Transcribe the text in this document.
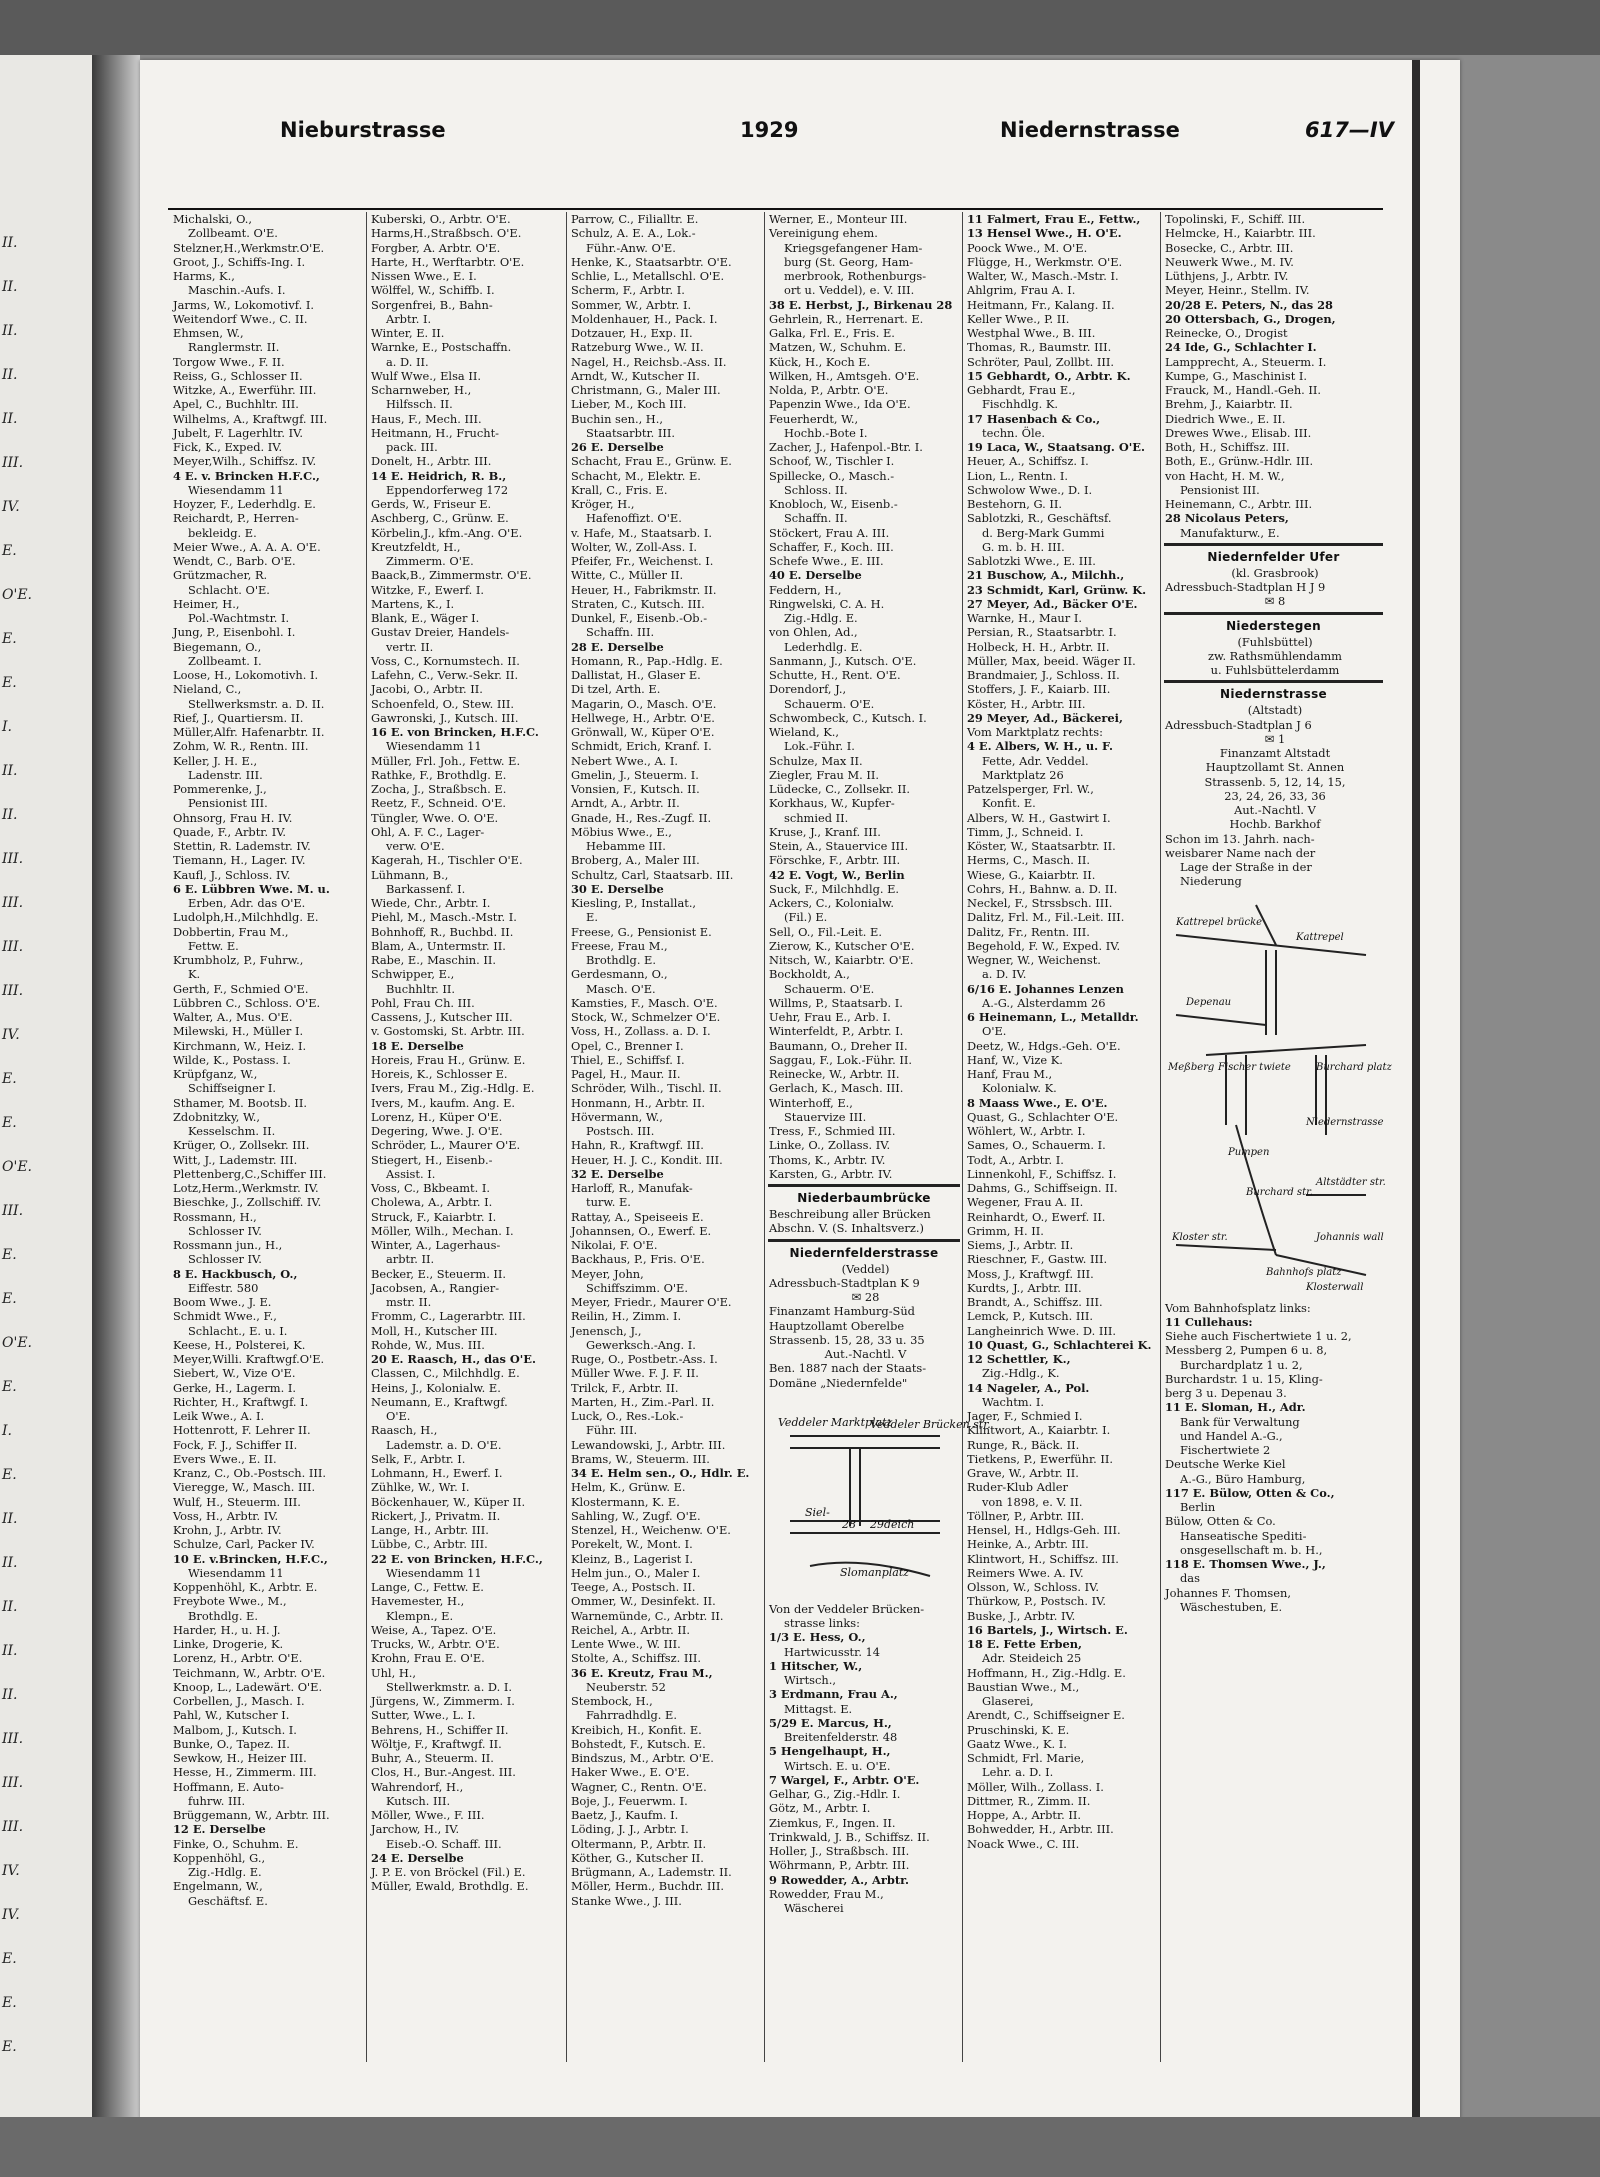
II.
II.
II.
II.
II.
III.
IV.
E.
O'E.
E.
E.
I.
II.
II.
III.
III.
III.
III.
IV.
E.
E.
O'E.
III.
E.
E.
O'E.
E.
I.
E.
II.
II.
II.
II.
II.
III.
III.
III.
IV.
IV.
E.
E.
E.
Nieburstrasse	1929	Niedernstrasse	617—IV
Michalski, O.,
Zollbeamt. O'E.
Stelzner,H.,Werkmstr.O'E.
Groot, J., Schiffs-Ing. I.
Harms, K.,
Maschin.-Aufs. I.
Jarms, W., Lokomotivf. I.
Weitendorf Wwe., C. II.
Ehmsen, W.,
Ranglermstr. II.
Torgow Wwe., F. II.
Reiss, G., Schlosser II.
Witzke, A., Ewerführ. III.
Apel, C., Buchhltr. III.
Wilhelms, A., Kraftwgf. III.
Jubelt, F. Lagerhltr. IV.
Fick, K., Exped. IV.
Meyer,Wilh., Schiffsz. IV.
4 E. v. Brincken H.F.C.,
Wiesendamm 11
Hoyzer, F., Lederhdlg. E.
Reichardt, P., Herren-
bekleidg. E.
Meier Wwe., A. A. A. O'E.
Wendt, C., Barb. O'E.
Grützmacher, R.
Schlacht. O'E.
Heimer, H.,
Pol.-Wachtmstr. I.
Jung, P., Eisenbohl. I.
Biegemann, O.,
Zollbeamt. I.
Loose, H., Lokomotivh. I.
Nieland, C.,
Stellwerksmstr. a. D. II.
Rief, J., Quartiersm. II.
Müller,Alfr. Hafenarbtr. II.
Zohm, W. R., Rentn. III.
Keller, J. H. E.,
Ladenstr. III.
Pommerenke, J.,
Pensionist III.
Ohnsorg, Frau H. IV.
Quade, F., Arbtr. IV.
Stettin, R. Lademstr. IV.
Tiemann, H., Lager. IV.
Kaufl, J., Schloss. IV.
6 E. Lübbren Wwe. M. u.
Erben, Adr. das O'E.
Ludolph,H.,Milchhdlg. E.
Dobbertin, Frau M.,
Fettw. E.
Krumbholz, P., Fuhrw.,
K.
Gerth, F., Schmied O'E.
Lübbren C., Schloss. O'E.
Walter, A., Mus. O'E.
Milewski, H., Müller I.
Kirchmann, W., Heiz. I.
Wilde, K., Postass. I.
Krüpfganz, W.,
Schiffseigner I.
Sthamer, M. Bootsb. II.
Zdobnitzky, W.,
Kesselschm. II.
Krüger, O., Zollsekr. III.
Witt, J., Lademstr. III.
Plettenberg,C.,Schiffer III.
Lotz,Herm.,Werkmstr. IV.
Bieschke, J., Zollschiff. IV.
Rossmann, H.,
Schlosser IV.
Rossmann jun., H.,
Schlosser IV.
8 E. Hackbusch, O.,
Eiffestr. 580
Boom Wwe., J. E.
Schmidt Wwe., F.,
Schlacht., E. u. I.
Keese, H., Polsterei, K.
Meyer,Willi. Kraftwgf.O'E.
Siebert, W., Vize O'E.
Gerke, H., Lagerm. I.
Richter, H., Kraftwgf. I.
Leik Wwe., A. I.
Hottenrott, F. Lehrer II.
Fock, F. J., Schiffer II.
Evers Wwe., E. II.
Kranz, C., Ob.-Postsch. III.
Vieregge, W., Masch. III.
Wulf, H., Steuerm. III.
Voss, H., Arbtr. IV.
Krohn, J., Arbtr. IV.
Schulze, Carl, Packer IV.
10 E. v.Brincken, H.F.C.,
Wiesendamm 11
Koppenhöhl, K., Arbtr. E.
Freybote Wwe., M.,
Brothdlg. E.
Harder, H., u. H. J.
Linke, Drogerie, K.
Lorenz, H., Arbtr. O'E.
Teichmann, W., Arbtr. O'E.
Knoop, L., Ladewärt. O'E.
Corbellen, J., Masch. I.
Pahl, W., Kutscher I.
Malbom, J., Kutsch. I.
Bunke, O., Tapez. II.
Sewkow, H., Heizer III.
Hesse, H., Zimmerm. III.
Hoffmann, E. Auto-
fuhrw. III.
Brüggemann, W., Arbtr. III.
12 E. Derselbe
Finke, O., Schuhm. E.
Koppenhöhl, G.,
Zig.-Hdlg. E.
Engelmann, W.,
Geschäftsf. E.
Kuberski, O., Arbtr. O'E.
Harms,H.,Straßbsch. O'E.
Forgber, A. Arbtr. O'E.
Harte, H., Werftarbtr. O'E.
Nissen Wwe., E. I.
Wölffel, W., Schiffb. I.
Sorgenfrei, B., Bahn-
Arbtr. I.
Winter, E. II.
Warnke, E., Postschaffn.
a. D. II.
Wulf Wwe., Elsa II.
Scharnweber, H.,
Hilfssch. II.
Haus, F., Mech. III.
Heitmann, H., Frucht-
pack. III.
Donelt, H., Arbtr. III.
14 E. Heidrich, R. B.,
Eppendorferweg 172
Gerds, W., Friseur E.
Aschberg, C., Grünw. E.
Körbelin,J., kfm.-Ang. O'E.
Kreutzfeldt, H.,
Zimmerm. O'E.
Baack,B., Zimmermstr. O'E.
Witzke, F., Ewerf. I.
Martens, K., I.
Blank, E., Wäger I.
Gustav Dreier, Handels-
vertr. II.
Voss, C., Kornumstech. II.
Lafehn, C., Verw.-Sekr. II.
Jacobi, O., Arbtr. II.
Schoenfeld, O., Stew. III.
Gawronski, J., Kutsch. III.
16 E. von Brincken, H.F.C.
Wiesendamm 11
Müller, Frl. Joh., Fettw. E.
Rathke, F., Brothdlg. E.
Zocha, J., Straßbsch. E.
Reetz, F., Schneid. O'E.
Tüngler, Wwe. O. O'E.
Ohl, A. F. C., Lager-
verw. O'E.
Kagerah, H., Tischler O'E.
Lühmann, B.,
Barkassenf. I.
Wiede, Chr., Arbtr. I.
Piehl, M., Masch.-Mstr. I.
Bohnhoff, R., Buchbd. II.
Blam, A., Untermstr. II.
Rabe, E., Maschin. II.
Schwipper, E.,
Buchhltr. II.
Pohl, Frau Ch. III.
Cassens, J., Kutscher III.
v. Gostomski, St. Arbtr. III.
18 E. Derselbe
Horeis, Frau H., Grünw. E.
Horeis, K., Schlosser E.
Ivers, Frau M., Zig.-Hdlg. E.
Ivers, M., kaufm. Ang. E.
Lorenz, H., Küper O'E.
Degering, Wwe. J. O'E.
Schröder, L., Maurer O'E.
Stiegert, H., Eisenb.-
Assist. I.
Voss, C., Bkbeamt. I.
Cholewa, A., Arbtr. I.
Struck, F., Kaiarbtr. I.
Möller, Wilh., Mechan. I.
Winter, A., Lagerhaus-
arbtr. II.
Becker, E., Steuerm. II.
Jacobsen, A., Rangier-
mstr. II.
Fromm, C., Lagerarbtr. III.
Moll, H., Kutscher III.
Rohde, W., Mus. III.
20 E. Raasch, H., das O'E.
Classen, C., Milchhdlg. E.
Heins, J., Kolonialw. E.
Neumann, E., Kraftwgf.
O'E.
Raasch, H.,
Lademstr. a. D. O'E.
Selk, F., Arbtr. I.
Lohmann, H., Ewerf. I.
Zühlke, W., Wr. I.
Böckenhauer, W., Küper II.
Rickert, J., Privatm. II.
Lange, H., Arbtr. III.
Lübbe, C., Arbtr. III.
22 E. von Brincken, H.F.C.,
Wiesendamm 11
Lange, C., Fettw. E.
Havemester, H.,
Klempn., E.
Weise, A., Tapez. O'E.
Trucks, W., Arbtr. O'E.
Krohn, Frau E. O'E.
Uhl, H.,
Stellwerkmstr. a. D. I.
Jürgens, W., Zimmerm. I.
Sutter, Wwe., L. I.
Behrens, H., Schiffer II.
Wöltje, F., Kraftwgf. II.
Buhr, A., Steuerm. II.
Clos, H., Bur.-Angest. III.
Wahrendorf, H.,
Kutsch. III.
Möller, Wwe., F. III.
Jarchow, H., IV.
Eiseb.-O. Schaff. III.
24 E. Derselbe
J. P. E. von Bröckel (Fil.) E.
Müller, Ewald, Brothdlg. E.
Parrow, C., Filialltr. E.
Schulz, A. E. A., Lok.-
Führ.-Anw. O'E.
Henke, K., Staatsarbtr. O'E.
Schlie, L., Metallschl. O'E.
Scherm, F., Arbtr. I.
Sommer, W., Arbtr. I.
Moldenhauer, H., Pack. I.
Dotzauer, H., Exp. II.
Ratzeburg Wwe., W. II.
Nagel, H., Reichsb.-Ass. II.
Arndt, W., Kutscher II.
Christmann, G., Maler III.
Lieber, M., Koch III.
Buchin sen., H.,
Staatsarbtr. III.
26 E. Derselbe
Schacht, Frau E., Grünw. E.
Schacht, M., Elektr. E.
Krall, C., Fris. E.
Kröger, H.,
Hafenoffizt. O'E.
v. Hafe, M., Staatsarb. I.
Wolter, W., Zoll-Ass. I.
Pfeifer, Fr., Weichenst. I.
Witte, C., Müller II.
Heuer, H., Fabrikmstr. II.
Straten, C., Kutsch. III.
Dunkel, F., Eisenb.-Ob.-
Schaffn. III.
28 E. Derselbe
Homann, R., Pap.-Hdlg. E.
Dallistat, H., Glaser E.
Di tzel, Arth. E.
Magarin, O., Masch. O'E.
Hellwege, H., Arbtr. O'E.
Grönwall, W., Küper O'E.
Schmidt, Erich, Kranf. I.
Nebert Wwe., A. I.
Gmelin, J., Steuerm. I.
Vonsien, F., Kutsch. II.
Arndt, A., Arbtr. II.
Gnade, H., Res.-Zugf. II.
Möbius Wwe., E.,
Hebamme III.
Broberg, A., Maler III.
Schultz, Carl, Staatsarb. III.
30 E. Derselbe
Kiesling, P., Installat.,
E.
Freese, G., Pensionist E.
Freese, Frau M.,
Brothdlg. E.
Gerdesmann, O.,
Masch. O'E.
Kamsties, F., Masch. O'E.
Stock, W., Schmelzer O'E.
Voss, H., Zollass. a. D. I.
Opel, C., Brenner I.
Thiel, E., Schiffsf. I.
Pagel, H., Maur. II.
Schröder, Wilh., Tischl. II.
Honmann, H., Arbtr. II.
Hövermann, W.,
Postsch. III.
Hahn, R., Kraftwgf. III.
Heuer, H. J. C., Kondit. III.
32 E. Derselbe
Harloff, R., Manufak-
turw. E.
Rattay, A., Speiseeis E.
Johannsen, O., Ewerf. E.
Nikolai, F. O'E.
Backhaus, P., Fris. O'E.
Meyer, John,
Schiffszimm. O'E.
Meyer, Friedr., Maurer O'E.
Reilin, H., Zimm. I.
Jenensch, J.,
Gewerksch.-Ang. I.
Ruge, O., Postbetr.-Ass. I.
Müller Wwe. F. J. F. II.
Trilck, F., Arbtr. II.
Marten, H., Zim.-Parl. II.
Luck, O., Res.-Lok.-
Führ. III.
Lewandowski, J., Arbtr. III.
Brams, W., Steuerm. III.
34 E. Helm sen., O., Hdlr. E.
Helm, K., Grünw. E.
Klostermann, K. E.
Sahling, W., Zugf. O'E.
Stenzel, H., Weichenw. O'E.
Porekelt, W., Mont. I.
Kleinz, B., Lagerist I.
Helm jun., O., Maler I.
Teege, A., Postsch. II.
Ommer, W., Desinfekt. II.
Warnemünde, C., Arbtr. II.
Reichel, A., Arbtr. II.
Lente Wwe., W. III.
Stolte, A., Schiffsz. III.
36 E. Kreutz, Frau M.,
Neuberstr. 52
Stembock, H.,
Fahrradhdlg. E.
Kreibich, H., Konfit. E.
Bohstedt, F., Kutsch. E.
Bindszus, M., Arbtr. O'E.
Haker Wwe., E. O'E.
Wagner, C., Rentn. O'E.
Boje, J., Feuerwm. I.
Baetz, J., Kaufm. I.
Löding, J. J., Arbtr. I.
Oltermann, P., Arbtr. II.
Köther, G., Kutscher II.
Brügmann, A., Lademstr. II.
Möller, Herm., Buchdr. III.
Stanke Wwe., J. III.
Werner, E., Monteur III.
Vereinigung ehem.
Kriegsgefangener Ham-
burg (St. Georg, Ham-
merbrook, Rothenburgs-
ort u. Veddel), e. V. III.
38 E. Herbst, J., Birkenau 28
Gehrlein, R., Herrenart. E.
Galka, Frl. E., Fris. E.
Matzen, W., Schuhm. E.
Kück, H., Koch E.
Wilken, H., Amtsgeh. O'E.
Nolda, P., Arbtr. O'E.
Papenzin Wwe., Ida O'E.
Feuerherdt, W.,
Hochb.-Bote I.
Zacher, J., Hafenpol.-Btr. I.
Schoof, W., Tischler I.
Spillecke, O., Masch.-
Schloss. II.
Knobloch, W., Eisenb.-
Schaffn. II.
Stöckert, Frau A. III.
Schaffer, F., Koch. III.
Schefe Wwe., E. III.
40 E. Derselbe
Feddern, H.,
Ringwelski, C. A. H.
Zig.-Hdlg. E.
von Ohlen, Ad.,
Lederhdlg. E.
Sanmann, J., Kutsch. O'E.
Schutte, H., Rent. O'E.
Dorendorf, J.,
Schauerm. O'E.
Schwombeck, C., Kutsch. I.
Wieland, K.,
Lok.-Führ. I.
Schulze, Max II.
Ziegler, Frau M. II.
Lüdecke, C., Zollsekr. II.
Korkhaus, W., Kupfer-
schmied II.
Kruse, J., Kranf. III.
Stein, A., Stauervice III.
Förschke, F., Arbtr. III.
42 E. Vogt, W., Berlin
Suck, F., Milchhdlg. E.
Ackers, C., Kolonialw.
(Fil.) E.
Sell, O., Fil.-Leit. E.
Zierow, K., Kutscher O'E.
Nitsch, W., Kaiarbtr. O'E.
Bockholdt, A.,
Schauerm. O'E.
Willms, P., Staatsarb. I.
Uehr, Frau E., Arb. I.
Winterfeldt, P., Arbtr. I.
Baumann, O., Dreher II.
Saggau, F., Lok.-Führ. II.
Reinecke, W., Arbtr. II.
Gerlach, K., Masch. III.
Winterhoff, E.,
Stauervize III.
Tress, F., Schmied III.
Linke, O., Zollass. IV.
Thoms, K., Arbtr. IV.
Karsten, G., Arbtr. IV.
Niederbaumbrücke
Beschreibung aller Brücken
Abschn. V. (S. Inhaltsverz.)
Niedernfelderstrasse
(Veddel)
Adressbuch-Stadtplan K 9
✉ 28
Finanzamt Hamburg-Süd
Hauptzollamt Oberelbe
Strassenb. 15, 28, 33 u. 35
Aut.-Nachtl. V
Ben. 1887 nach der Staats-
Domäne „Niedernfelde"
Veddeler Marktplatz
Veddeler Brücken str.
Siel-
28 29deich
Slomanplatz
Von der Veddeler Brücken-
strasse links:
1/3 E. Hess, O.,
Hartwicusstr. 14
1 Hitscher, W.,
Wirtsch.,
3 Erdmann, Frau A.,
Mittagst. E.
5/29 E. Marcus, H.,
Breitenfelderstr. 48
5 Hengelhaupt, H.,
Wirtsch. E. u. O'E.
7 Wargel, F., Arbtr. O'E.
Gelhar, G., Zig.-Hdlr. I.
Götz, M., Arbtr. I.
Ziemkus, F., Ingen. II.
Trinkwald, J. B., Schiffsz. II.
Holler, J., Straßbsch. III.
Wöhrmann, P., Arbtr. III.
9 Rowedder, A., Arbtr.
Rowedder, Frau M.,
Wäscherei
11 Falmert, Frau E., Fettw.,
13 Hensel Wwe., H. O'E.
Poock Wwe., M. O'E.
Flügge, H., Werkmstr. O'E.
Walter, W., Masch.-Mstr. I.
Ahlgrim, Frau A. I.
Heitmann, Fr., Kalang. II.
Keller Wwe., P. II.
Westphal Wwe., B. III.
Thomas, R., Baumstr. III.
Schröter, Paul, Zollbt. III.
15 Gebhardt, O., Arbtr. K.
Gebhardt, Frau E.,
Fischhdlg. K.
17 Hasenbach & Co.,
techn. Öle.
19 Laca, W., Staatsang. O'E.
Heuer, A., Schiffsz. I.
Lion, L., Rentn. I.
Schwolow Wwe., D. I.
Bestehorn, G. II.
Sablotzki, R., Geschäftsf.
d. Berg-Mark Gummi
G. m. b. H. III.
Sablotzki Wwe., E. III.
21 Buschow, A., Milchh.,
23 Schmidt, Karl, Grünw. K.
27 Meyer, Ad., Bäcker O'E.
Warnke, H., Maur I.
Persian, R., Staatsarbtr. I.
Holbeck, H. H., Arbtr. II.
Müller, Max, beeid. Wäger II.
Brandmaier, J., Schloss. II.
Stoffers, J. F., Kaiarb. III.
Köster, H., Arbtr. III.
29 Meyer, Ad., Bäckerei,
Vom Marktplatz rechts:
4 E. Albers, W. H., u. F.
Fette, Adr. Veddel.
Marktplatz 26
Patzelsperger, Frl. W.,
Konfit. E.
Albers, W. H., Gastwirt I.
Timm, J., Schneid. I.
Köster, W., Staatsarbtr. II.
Herms, C., Masch. II.
Wiese, G., Kaiarbtr. II.
Cohrs, H., Bahnw. a. D. II.
Neckel, F., Strssbsch. III.
Dalitz, Frl. M., Fil.-Leit. III.
Dalitz, Fr., Rentn. III.
Begehold, F. W., Exped. IV.
Wegner, W., Weichenst.
a. D. IV.
6/16 E. Johannes Lenzen
A.-G., Alsterdamm 26
6 Heinemann, L., Metalldr.
O'E.
Deetz, W., Hdgs.-Geh. O'E.
Hanf, W., Vize K.
Hanf, Frau M.,
Kolonialw. K.
8 Maass Wwe., E. O'E.
Quast, G., Schlachter O'E.
Wöhlert, W., Arbtr. I.
Sames, O., Schauerm. I.
Todt, A., Arbtr. I.
Linnenkohl, F., Schiffsz. I.
Dahms, G., Schiffseign. II.
Wegener, Frau A. II.
Reinhardt, O., Ewerf. II.
Grimm, H. II.
Siems, J., Arbtr. II.
Rieschner, F., Gastw. III.
Moss, J., Kraftwgf. III.
Kurdts, J., Arbtr. III.
Brandt, A., Schiffsz. III.
Lemck, P., Kutsch. III.
Langheinrich Wwe. D. III.
10 Quast, G., Schlachterei K.
12 Schettler, K.,
Zig.-Hdlg., K.
14 Nageler, A., Pol.
Wachtm. I.
Jager, F., Schmied I.
Klintwort, A., Kaiarbtr. I.
Runge, R., Bäck. II.
Tietkens, P., Ewerführ. II.
Grave, W., Arbtr. II.
Ruder-Klub Adler
von 1898, e. V. II.
Töllner, P., Arbtr. III.
Hensel, H., Hdlgs-Geh. III.
Heinke, A., Arbtr. III.
Klintwort, H., Schiffsz. III.
Reimers Wwe. A. IV.
Olsson, W., Schloss. IV.
Thürkow, P., Postsch. IV.
Buske, J., Arbtr. IV.
16 Bartels, J., Wirtsch. E.
18 E. Fette Erben,
Adr. Steideich 25
Hoffmann, H., Zig.-Hdlg. E.
Baustian Wwe., M.,
Glaserei,
Arendt, C., Schiffseigner E.
Pruschinski, K. E.
Gaatz Wwe., K. I.
Schmidt, Frl. Marie,
Lehr. a. D. I.
Möller, Wilh., Zollass. I.
Dittmer, R., Zimm. II.
Hoppe, A., Arbtr. II.
Bohwedder, H., Arbtr. III.
Noack Wwe., C. III.
Topolinski, F., Schiff. III.
Helmcke, H., Kaiarbtr. III.
Bosecke, C., Arbtr. III.
Neuwerk Wwe., M. IV.
Lüthjens, J., Arbtr. IV.
Meyer, Heinr., Stellm. IV.
20/28 E. Peters, N., das 28
20 Ottersbach, G., Drogen,
Reinecke, O., Drogist
24 Ide, G., Schlachter I.
Lampprecht, A., Steuerm. I.
Kumpe, G., Maschinist I.
Frauck, M., Handl.-Geh. II.
Brehm, J., Kaiarbtr. II.
Diedrich Wwe., E. II.
Drewes Wwe., Elisab. III.
Both, H., Schiffsz. III.
Both, E., Grünw.-Hdlr. III.
von Hacht, H. M. W.,
Pensionist III.
Heinemann, C., Arbtr. III.
28 Nicolaus Peters,
Manufakturw., E.
Niedernfelder Ufer
(kl. Grasbrook)
Adressbuch-Stadtplan H J 9
✉ 8
Niederstegen
(Fuhlsbüttel)
zw. Rathsmühlendamm
u. Fuhlsbüttelerdamm
Niedernstrasse
(Altstadt)
Adressbuch-Stadtplan J 6
✉ 1
Finanzamt Altstadt
Hauptzollamt St. Annen
Strassenb. 5, 12, 14, 15,
23, 24, 26, 33, 36
Aut.-Nachtl. V
Hochb. Barkhof
Schon im 13. Jahrh. nach-
weisbarer Name nach der
Lage der Straße in der
Niederung
Kattrepel brücke
Kattrepel
Depenau
Meßberg Fischer twiete	Burchard platz
Pumpen
Niedernstrasse
Burchard str.
Altstädter str.
Kloster str.	Johannis wall
Bahnhofs platz
Klosterwall
Vom Bahnhofsplatz links:
11 Cullehaus:
Siehe auch Fischertwiete 1 u. 2,
Messberg 2, Pumpen 6 u. 8,
Burchardplatz 1 u. 2,
Burchardstr. 1 u. 15, Kling-
berg 3 u. Depenau 3.
11 E. Sloman, H., Adr.
Bank für Verwaltung
und Handel A.-G.,
Fischertwiete 2
Deutsche Werke Kiel
A.-G., Büro Hamburg,
117 E. Bülow, Otten & Co.,
Berlin
Bülow, Otten & Co.
Hanseatische Spediti-
onsgesellschaft m. b. H.,
118 E. Thomsen Wwe., J.,
das
Johannes F. Thomsen,
Wäschestuben, E.
